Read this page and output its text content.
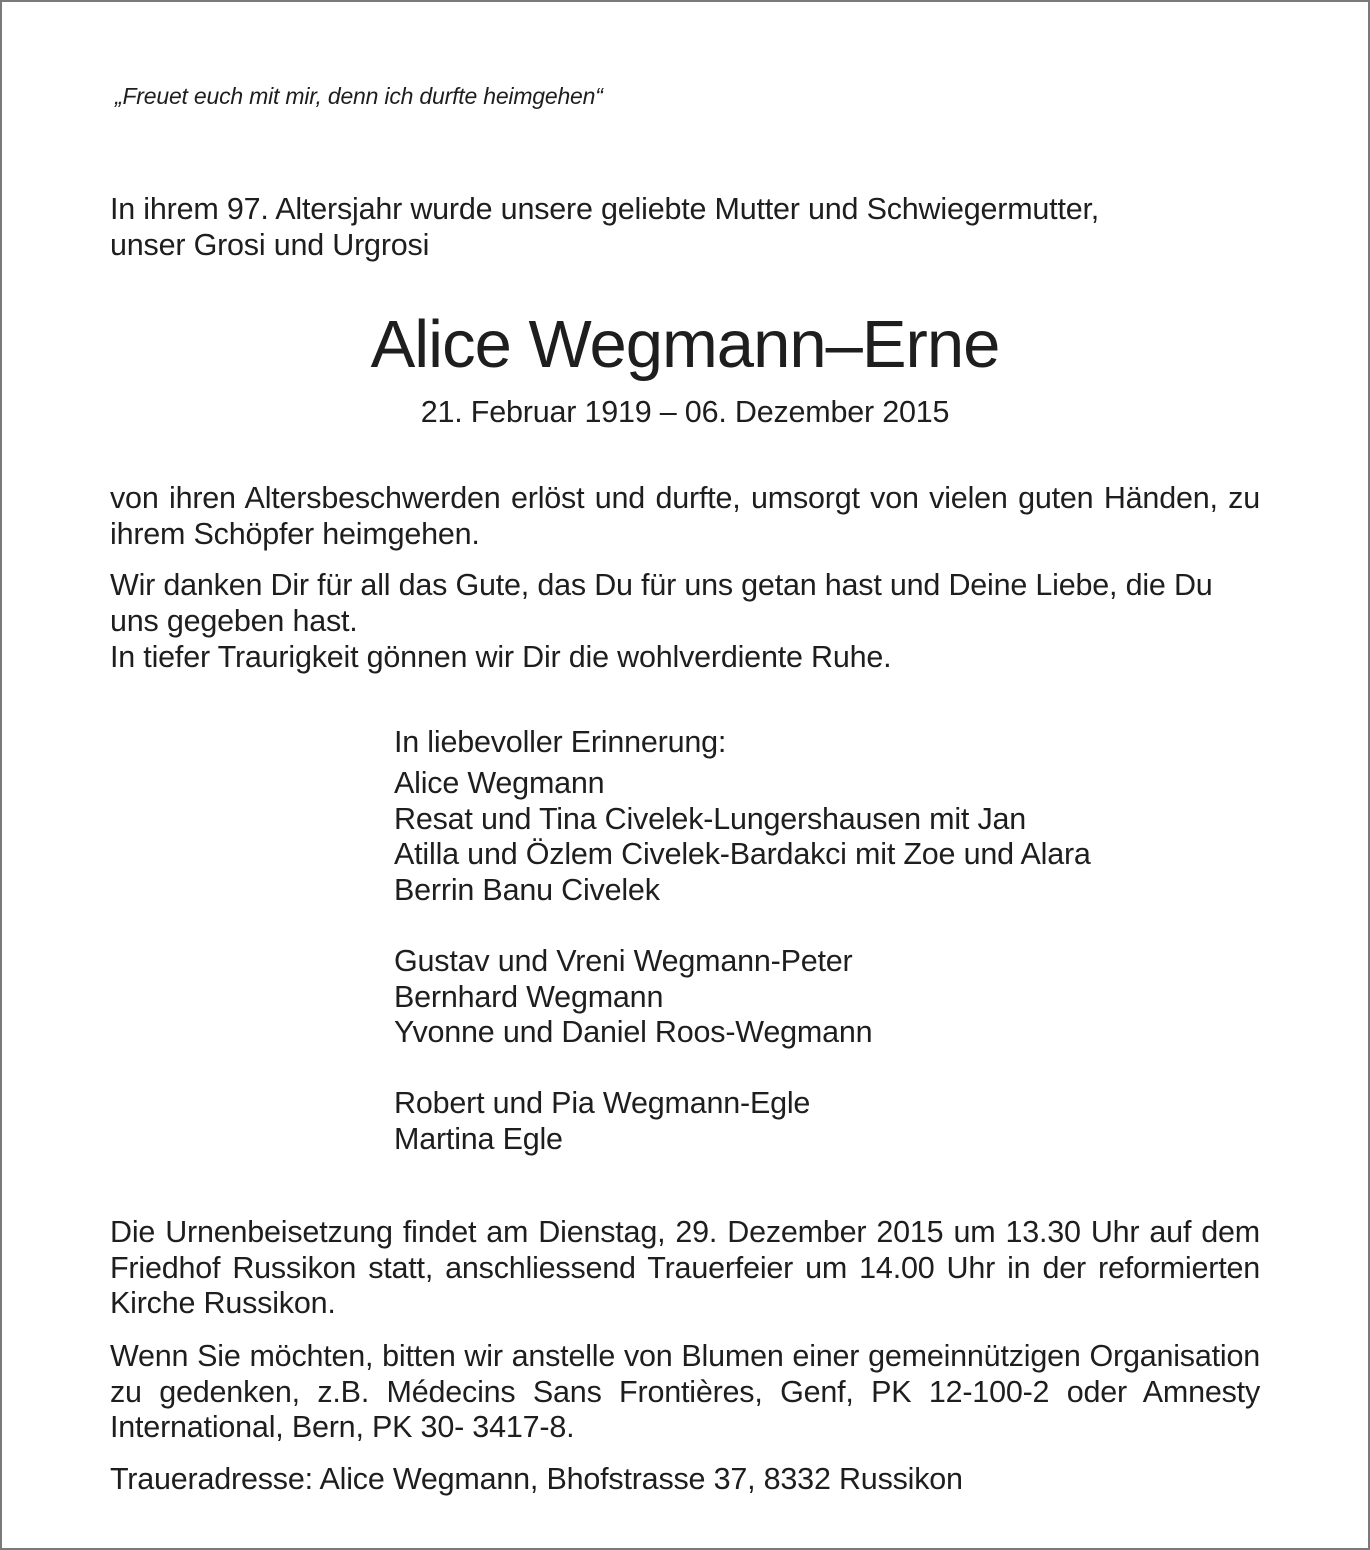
„Freuet euch mit mir, denn ich durfte heimgehen“

In ihrem 97. Altersjahr wurde unsere geliebte Mutter und Schwiegermutter,

unser Grosi und Urgrosi

Alice Wegmann–Erne
21. Februar 1919 – 06. Dezember 2015

von ihren Altersbeschwerden erlöst und durfte, umsorgt von vielen guten Händen, zu ihrem Schöpfer heimgehen.

Wir danken Dir für all das Gute, das Du für uns getan hast und Deine Liebe, die Du uns gegeben hast.

In tiefer Traurigkeit gönnen wir Dir die wohlverdiente Ruhe.

In liebevoller Erinnerung:
Alice Wegmann
Resat und Tina Civelek-Lungershausen mit Jan
Atilla und Özlem Civelek-Bardakci mit Zoe und Alara
Berrin Banu Civelek
Gustav und Vreni Wegmann-Peter
Bernhard Wegmann
Yvonne und Daniel Roos-Wegmann
Robert und Pia Wegmann-Egle
Martina Egle

Die Urnenbeisetzung findet am Dienstag, 29. Dezember 2015 um 13.30 Uhr auf dem Friedhof Russikon statt, anschliessend Trauerfeier um 14.00 Uhr in der reformierten Kirche Russikon.

Wenn Sie möchten, bitten wir anstelle von Blumen einer gemeinnützigen Organisation zu gedenken, z.B. Médecins Sans Frontières, Genf, PK 12-100-2 oder Amnesty International, Bern, PK 30- 3417-8.

Traueradresse: Alice Wegmann, Bhofstrasse 37, 8332 Russikon
